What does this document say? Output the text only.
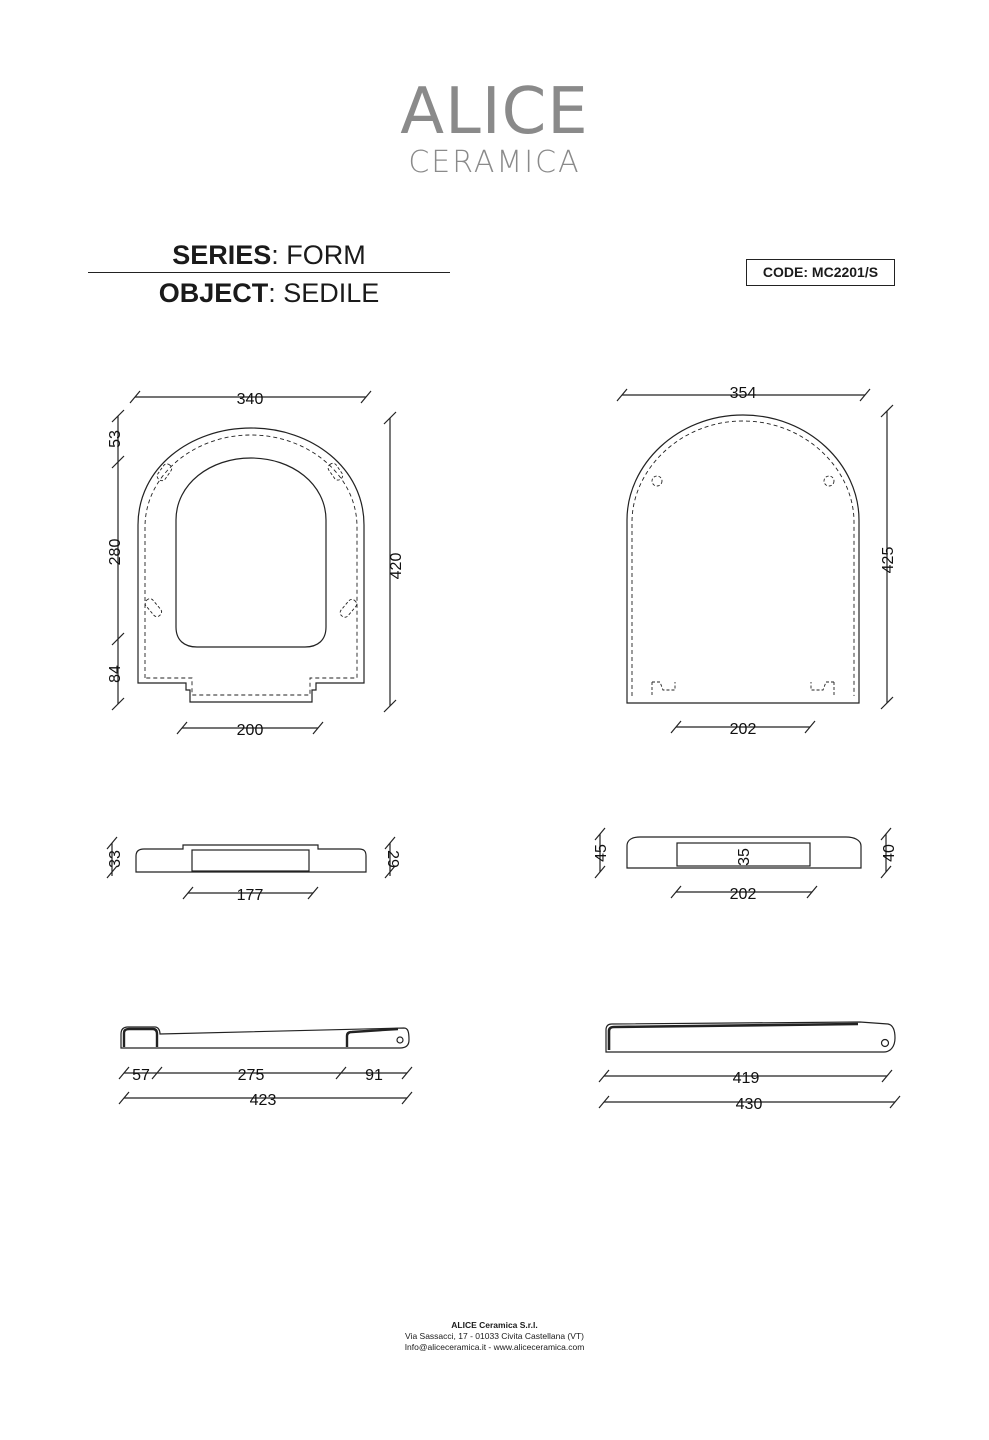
ALICE
CERAMICA
SERIES: FORM
OBJECT: SEDILE
CODE: MC2201/S
340
53
280
84
420
200
354
425
202
33	29
177
45	35	40
202
57	275	91
423
419
430
ALICE Ceramica S.r.l.
Via Sassacci, 17 - 01033 Civita Castellana (VT)
Info@aliceceramica.it - www.aliceceramica.com
